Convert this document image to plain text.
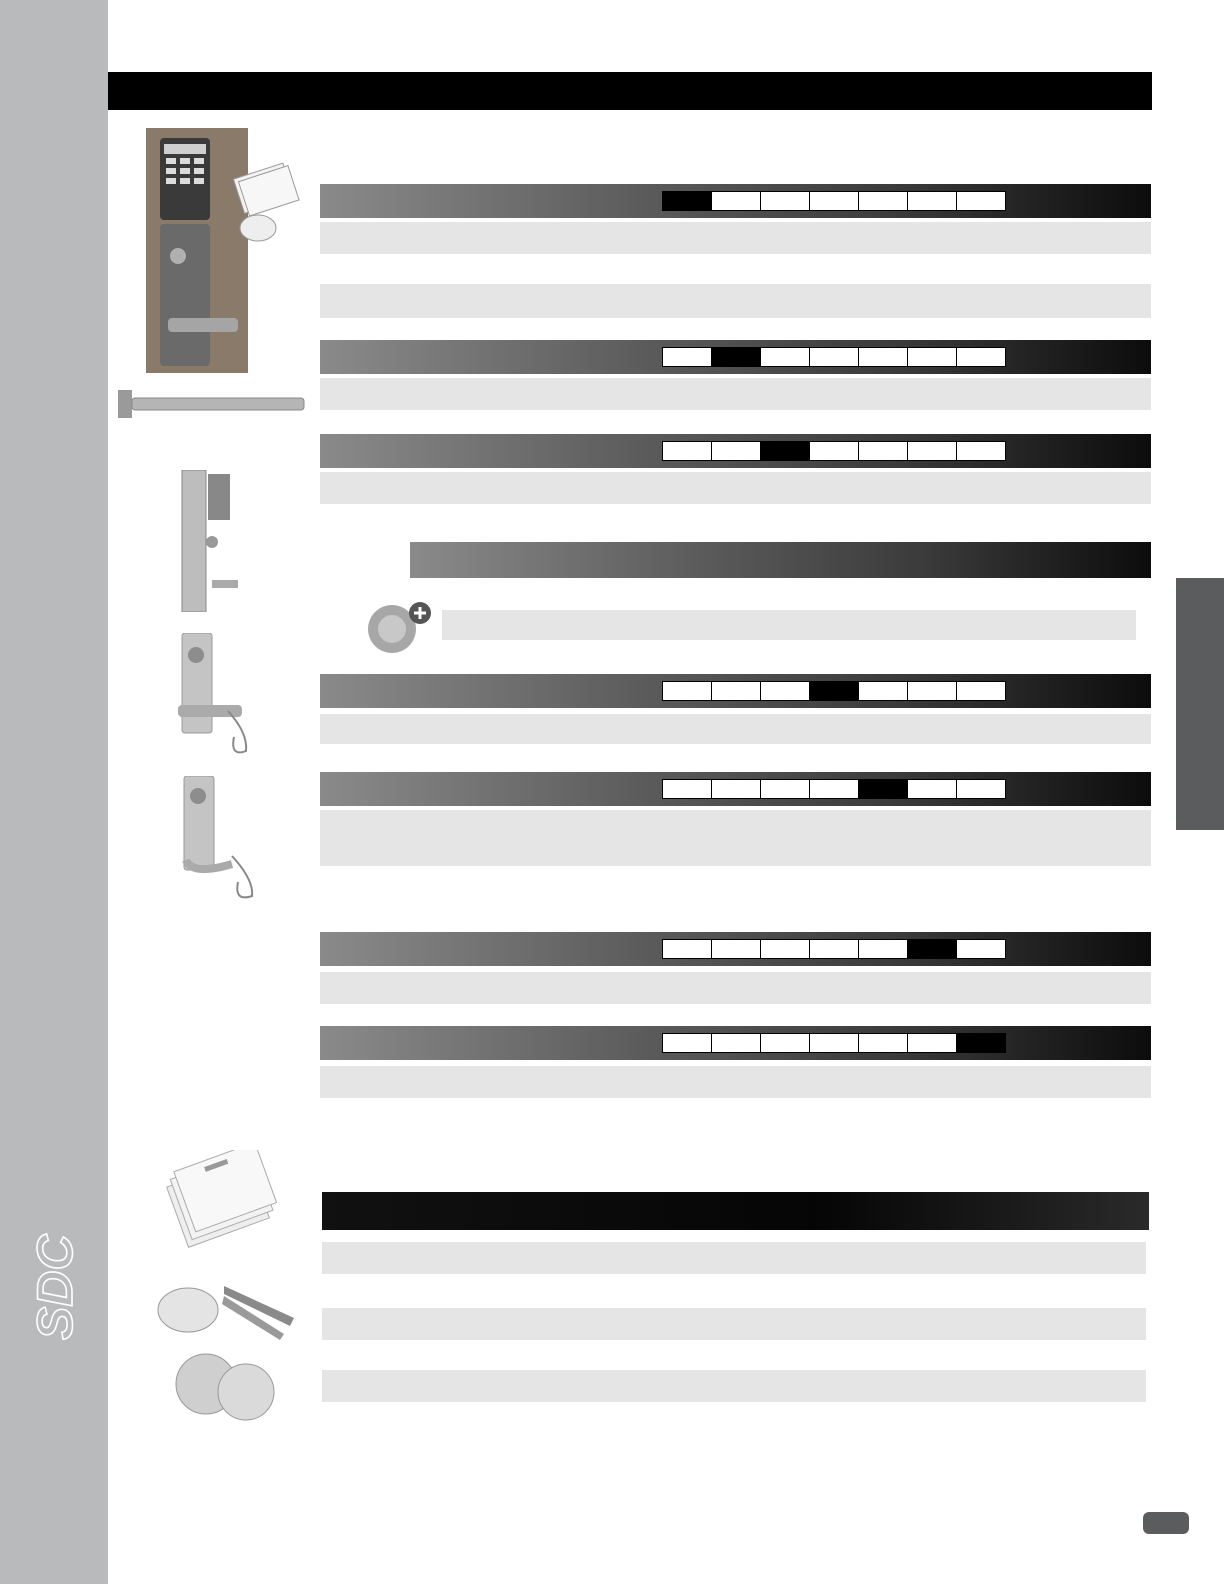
SDC
